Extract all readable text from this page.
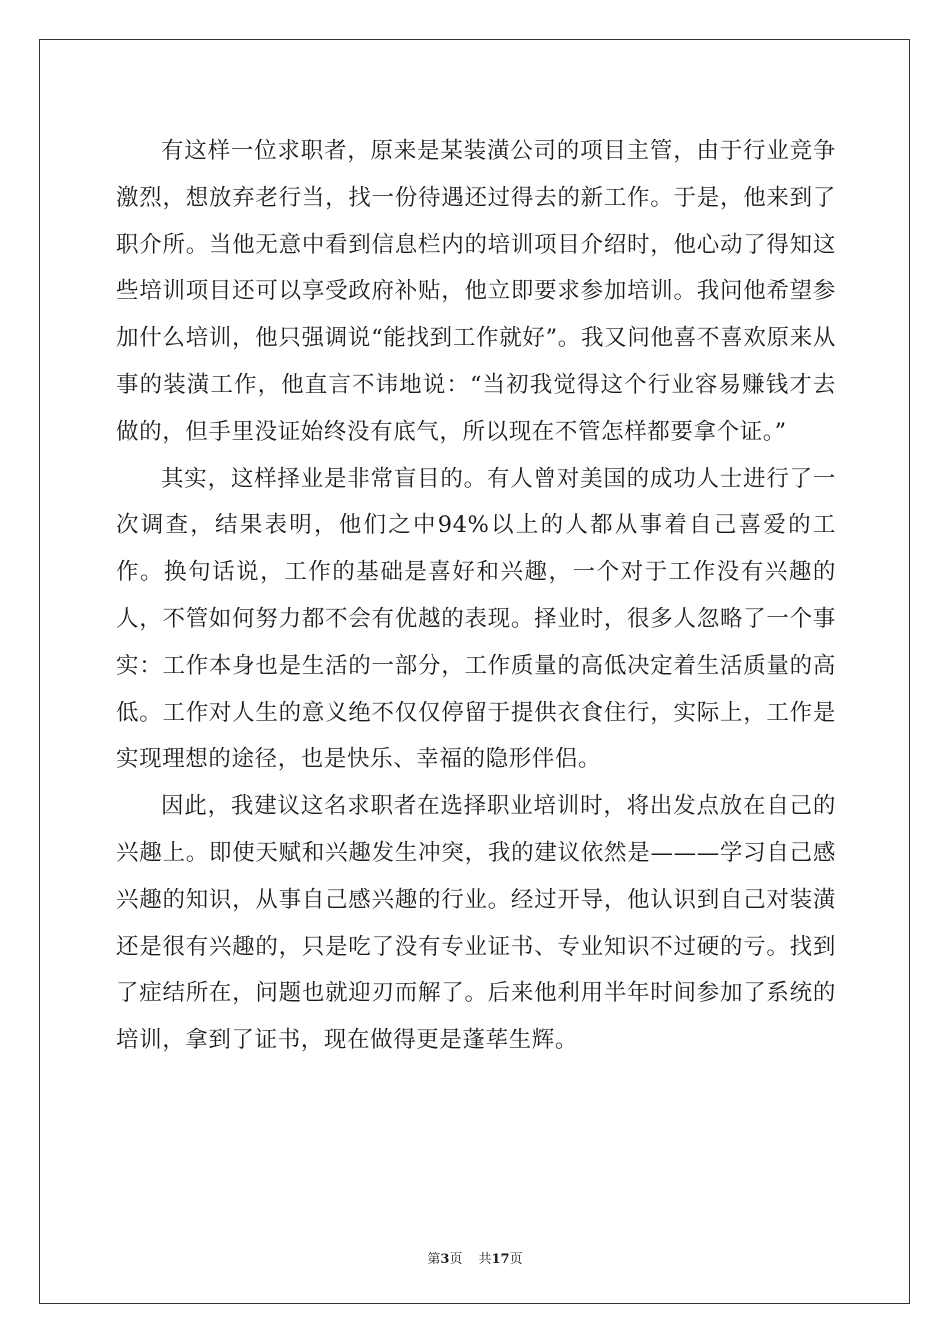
有这样一位求职者，原来是某装潢公司的项目主管，由于行业竞争激烈，想放弃老行当，找一份待遇还过得去的新工作。于是，他来到了职介所。当他无意中看到信息栏内的培训项目介绍时，他心动了得知这些培训项目还可以享受政府补贴，他立即要求参加培训。我问他希望参加什么培训，他只强调说“能找到工作就好”。我又问他喜不喜欢原来从事的装潢工作，他直言不讳地说：“当初我觉得这个行业容易赚钱才去做的，但手里没证始终没有底气，所以现在不管怎样都要拿个证。”

其实，这样择业是非常盲目的。有人曾对美国的成功人士进行了一次调查，结果表明，他们之中94%以上的人都从事着自己喜爱的工作。换句话说，工作的基础是喜好和兴趣，一个对于工作没有兴趣的人，不管如何努力都不会有优越的表现。择业时，很多人忽略了一个事实：工作本身也是生活的一部分，工作质量的高低决定着生活质量的高低。工作对人生的意义绝不仅仅停留于提供衣食住行，实际上，工作是实现理想的途径，也是快乐、幸福的隐形伴侣。

因此，我建议这名求职者在选择职业培训时，将出发点放在自己的兴趣上。即使天赋和兴趣发生冲突，我的建议依然是———学习自己感兴趣的知识，从事自己感兴趣的行业。经过开导，他认识到自己对装潢还是很有兴趣的，只是吃了没有专业证书、专业知识不过硬的亏。找到了症结所在，问题也就迎刃而解了。后来他利用半年时间参加了系统的培训，拿到了证书，现在做得更是蓬荜生辉。

第3页 共17页
